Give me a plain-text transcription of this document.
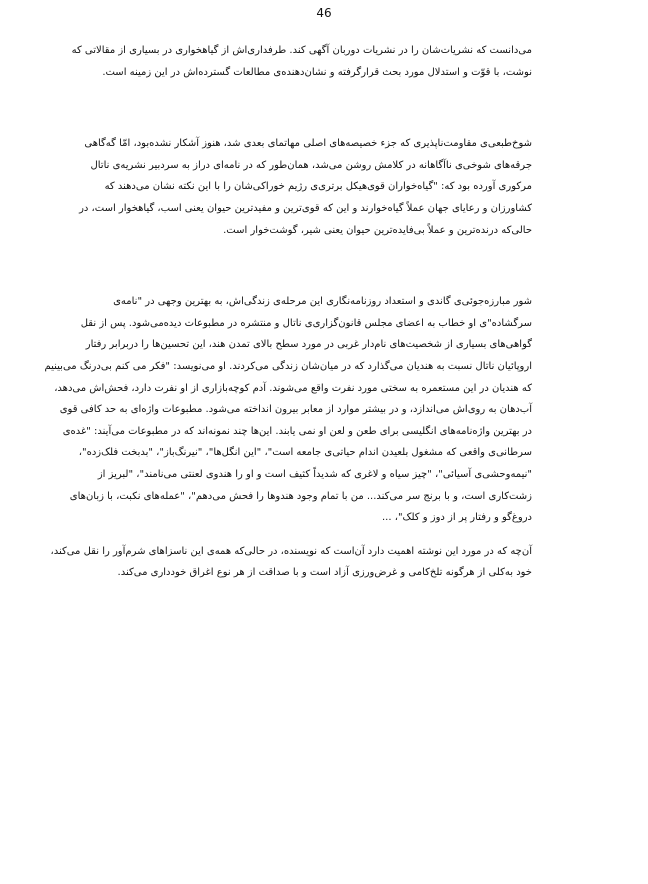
46

می‌دانست که نشریات‌شان را در نشریات دوربان آگهی کند. طرفداری‌اش از گیاهخواری در بسیاری از مقالاتی که
نوشت، با قوّت و استدلال مورد بحث قرار‌گرفته و نشان‌دهنده‌ی مطالعات گسترده‌اش در این زمینه است.

شوخ‌طبعی‌ی مقاومت‌ناپذیری که جزء خصیصه‌های اصلی مهاتمای بعدی شد، هنوز آشکار نشده‌بود، امّا گه‌گاهی
جرقه‌های شوخی‌ی ناآگاهانه در کلامش روشن می‌شد، همان‌طور که در نامه‌ای دراز به سردبیر نشریه‌ی ناتال
مرکوری آورده بود که: "گیاه‌خواران قوی‌هیکل برتری‌ی رژیم خوراکی‌شان را با این نکته نشان می‌دهند که
کشاورزان و رعایای جهان عملاً گیاه‌خوارند و این که قوی‌ترین و مفیدترین حیوان یعنی اسب، گیاهخوار است، در
حالی‌که درنده‌ترین و عملاً بی‌فایده‌ترین حیوان یعنی شیر، گوشت‌خوار است.

شور مبارزه‌جوئی‌ی گاندی و استعداد روزنامه‌نگاری این مرحله‌ی زندگی‌اش، به بهترین وجهی در "نامه‌ی
سرگشاده"ی او خطاب به اعضای مجلس قانون‌گزاری‌ی ناتال و منتشره در مطبوعات دیده‌می‌شود. پس از نقل
گواهی‌های بسیاری از شخصیت‌های نام‌دار غربی در مورد سطح بالای تمدن هند، این تحسین‌ها را دربرابر رفتار
اروپائیان ناتال نسبت به هندیان می‌گذارد که در میان‌شان زندگی می‌کردند. او می‌نویسد: "فکر می کنم بی‌درنگ می‌بینیم
که هندیان در این مستعمره به سختی مورد نفرت واقع می‌شوند. آدم کوچه‌بازاری از او نفرت دارد، فحش‌اش می‌دهد،
آب‌دهان به روی‌اش می‌اندازد، و در بیشتر موارد از معابر بیرون انداخته می‌شود. مطبوعات واژه‌ای به حد کافی قوی
در بهترین واژه‌نامه‌های انگلیسی برای طعن و لعن او نمی یابند. این‌ها چند نمونه‌اند که در مطبوعات می‌آیند: "غده‌ی
سرطانی‌ی واقعی که مشغول بلعیدن اندام حیاتی‌ی جامعه است"، "این انگل‌ها"، "نیرنگ‌باز"، "بدبخت فلک‌زده"،
"نیمه‌وحشی‌ی آسیائی"، "چیز سیاه و لاغری که شدیداً کثیف است و او را هندوی لعنتی می‌نامند"، "لبریز از
زشت‌کاری است، و با برنج سر می‌کند... من با تمام وجود هندوها را فحش می‌دهم"، "عمله‌های نکبت، با زبان‌های
دروغ‌گو و رفتار پر از دوز و کلک"، ...

آن‌چه که در مورد این نوشته اهمیت دارد آن‌است که نویسنده، در حالی‌که همه‌ی این ناسزاهای شرم‌آور را نقل می‌کند،
خود به‌کلی از هرگونه تلخ‌کامی و غرض‌ورزی آزاد است و با صداقت از هر نوع اغراق خودداری می‌کند.
